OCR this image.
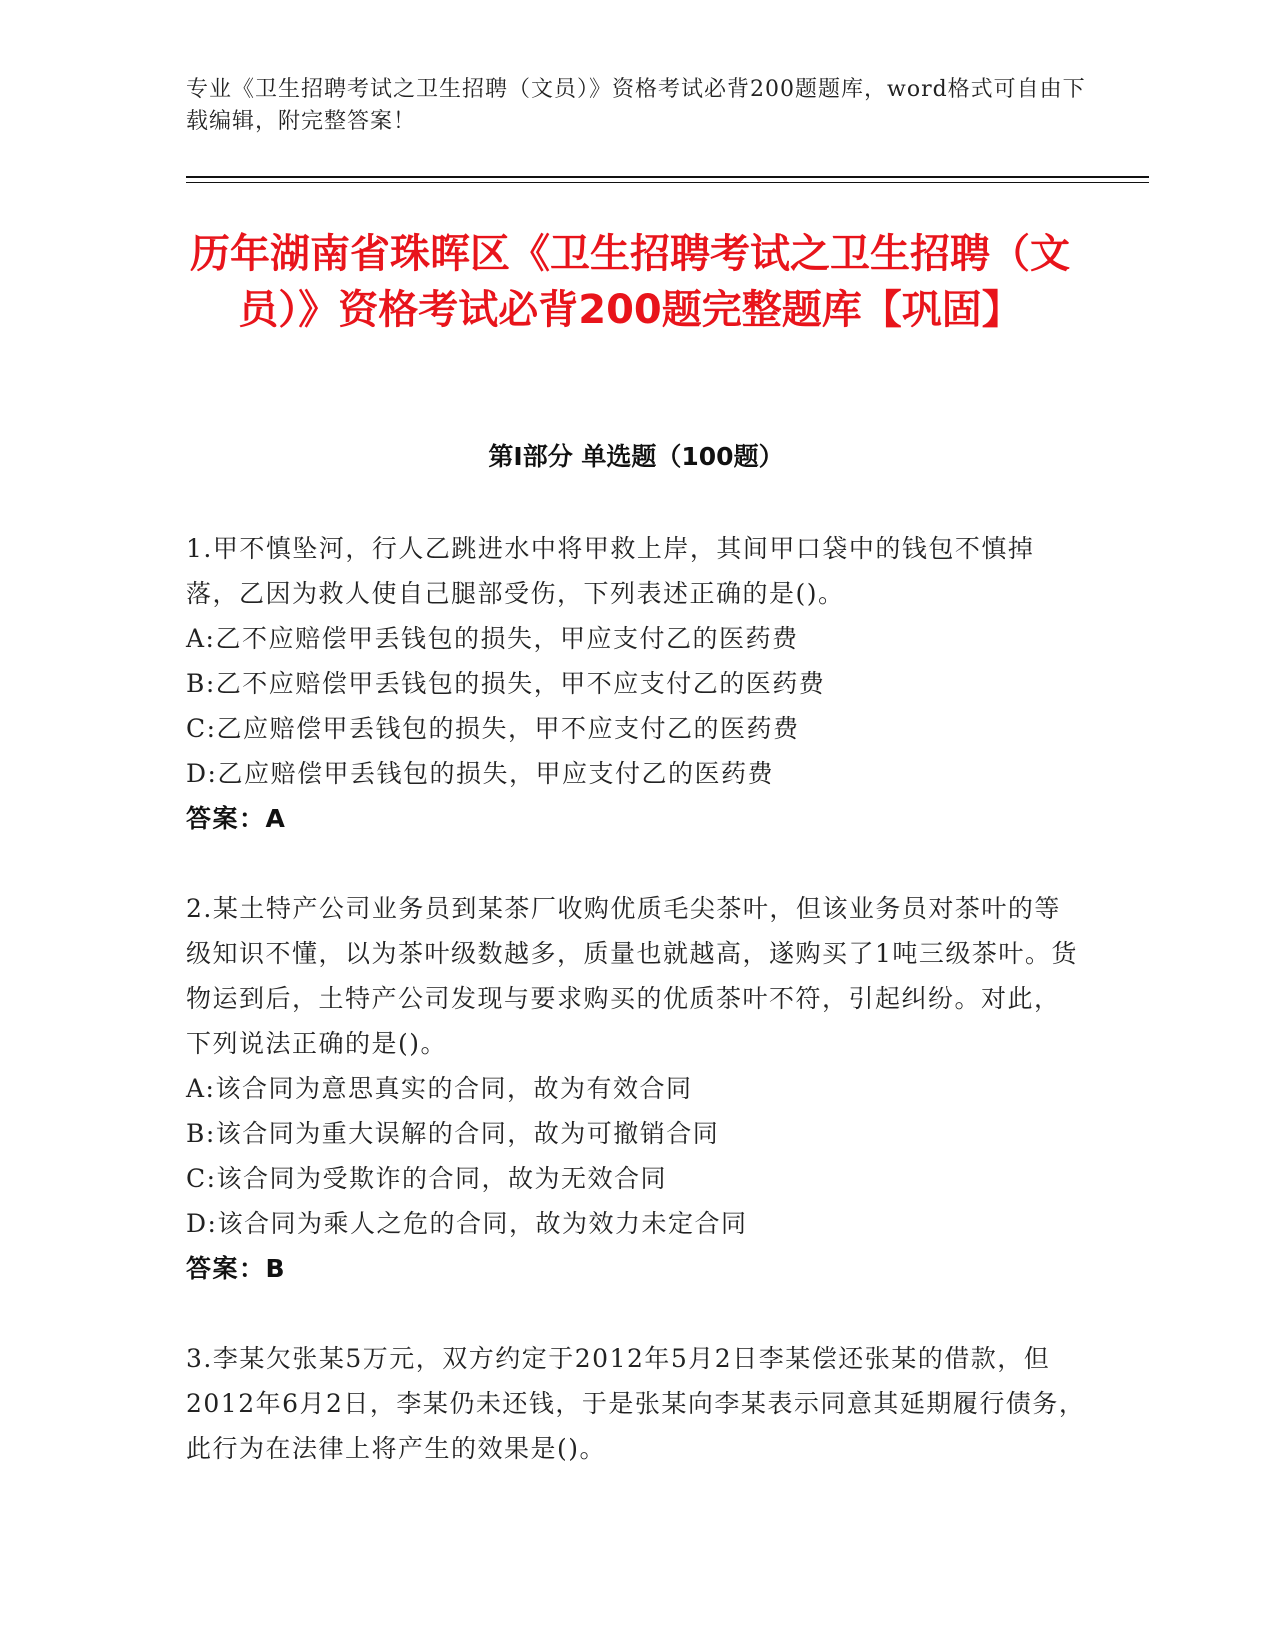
专业《卫生招聘考试之卫生招聘（文员）》资格考试必背200题题库，word格式可自由下载编辑，附完整答案！
历年湖南省珠晖区《卫生招聘考试之卫生招聘（文员）》资格考试必背200题完整题库【巩固】
第I部分 单选题（100题）
1.甲不慎坠河，行人乙跳进水中将甲救上岸，其间甲口袋中的钱包不慎掉落，乙因为救人使自己腿部受伤，下列表述正确的是()。
A:乙不应赔偿甲丢钱包的损失，甲应支付乙的医药费
B:乙不应赔偿甲丢钱包的损失，甲不应支付乙的医药费
C:乙应赔偿甲丢钱包的损失，甲不应支付乙的医药费
D:乙应赔偿甲丢钱包的损失，甲应支付乙的医药费
答案：A
2.某土特产公司业务员到某茶厂收购优质毛尖茶叶，但该业务员对茶叶的等级知识不懂，以为茶叶级数越多，质量也就越高，遂购买了1吨三级茶叶。货物运到后，土特产公司发现与要求购买的优质茶叶不符，引起纠纷。对此，下列说法正确的是()。
A:该合同为意思真实的合同，故为有效合同
B:该合同为重大误解的合同，故为可撤销合同
C:该合同为受欺诈的合同，故为无效合同
D:该合同为乘人之危的合同，故为效力未定合同
答案：B
3.李某欠张某5万元，双方约定于2012年5月2日李某偿还张某的借款，但2012年6月2日，李某仍未还钱，于是张某向李某表示同意其延期履行债务，此行为在法律上将产生的效果是()。
